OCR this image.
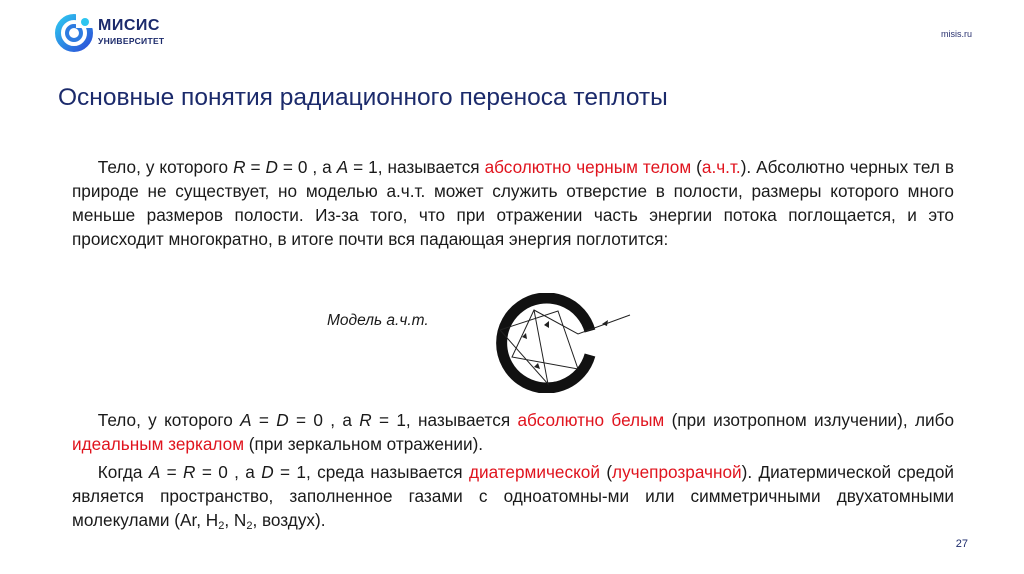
МИСИС
УНИВЕРСИТЕТ
misis.ru
Основные понятия радиационного переноса теплоты
  Тело, у которого R = D = 0 , а A = 1, называется абсолютно черным телом (а.ч.т.). Абсолютно черных тел в природе не существует, но моделью а.ч.т. может служить отверстие в полости, размеры которого много меньше размеров полости. Из-за того, что при отражении часть энергии потока поглощается, и это происходит многократно, в итоге почти вся падающая энергия поглотится:
Модель а.ч.т.
  Тело, у которого A = D = 0 , а R = 1, называется абсолютно белым (при изотропном излучении), либо идеальным зеркалом (при зеркальном отражении).
  Когда A = R = 0 , а D = 1, среда называется диатермической (лучепрозрачной). Диатермической средой является пространство, заполненное газами с одноатомны-ми или симметричными двухатомными молекулами (Ar, $H_2$, $N_2$, воздух).
27
